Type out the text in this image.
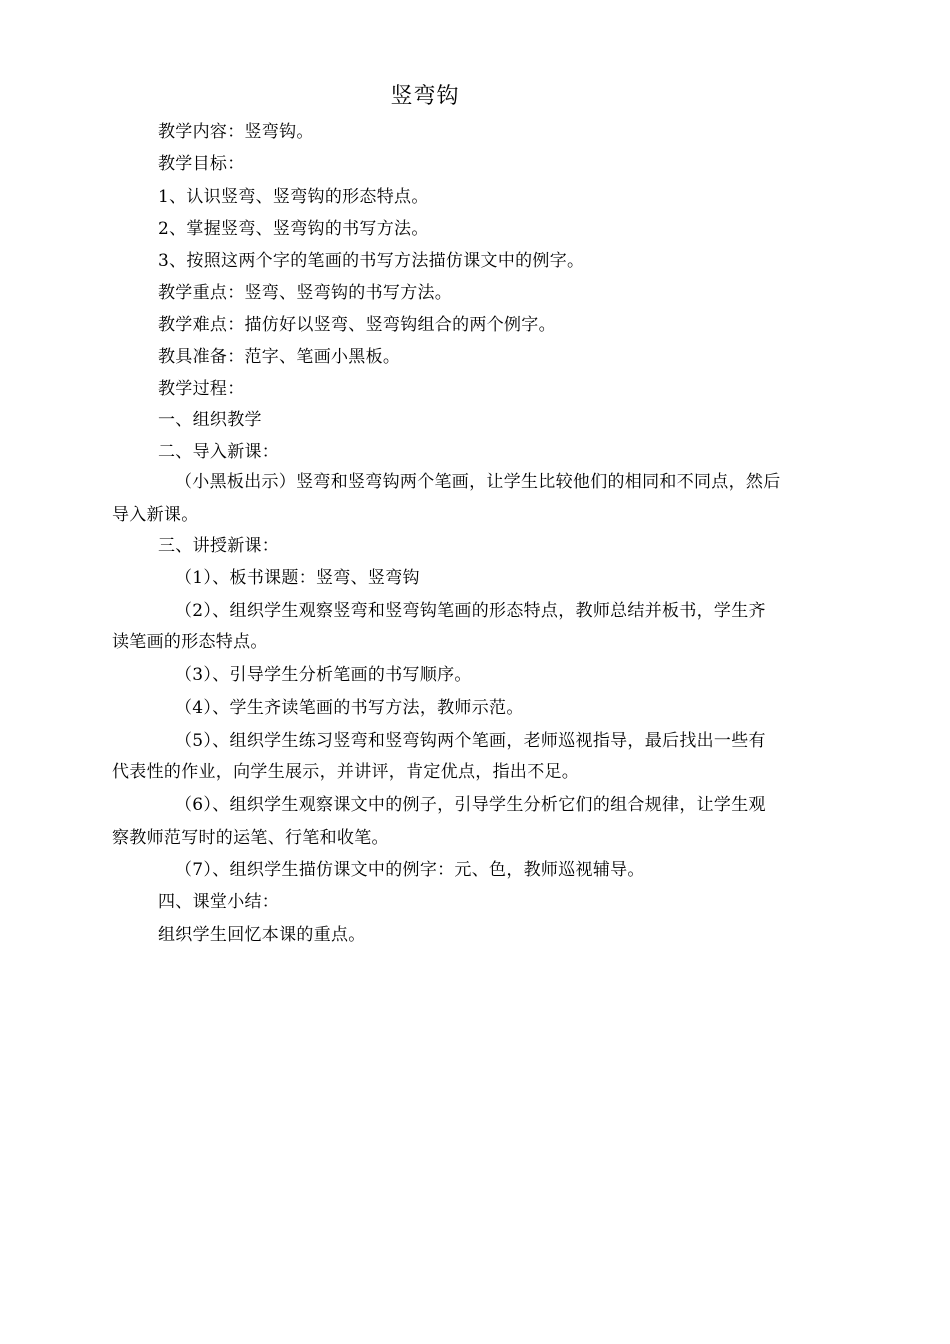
竖弯钩
教学内容：竖弯钩。
教学目标：
1、认识竖弯、竖弯钩的形态特点。
2、掌握竖弯、竖弯钩的书写方法。
3、按照这两个字的笔画的书写方法描仿课文中的例字。
教学重点：竖弯、竖弯钩的书写方法。
教学难点：描仿好以竖弯、竖弯钩组合的两个例字。
教具准备：范字、笔画小黑板。
教学过程：
一、组织教学
二、导入新课：
（小黑板出示）竖弯和竖弯钩两个笔画，让学生比较他们的相同和不同点，然后
导入新课。
三、讲授新课：
（1）、板书课题：竖弯、竖弯钩
（2）、组织学生观察竖弯和竖弯钩笔画的形态特点，教师总结并板书，学生齐
读笔画的形态特点。
（3）、引导学生分析笔画的书写顺序。
（4）、学生齐读笔画的书写方法，教师示范。
（5）、组织学生练习竖弯和竖弯钩两个笔画，老师巡视指导，最后找出一些有
代表性的作业，向学生展示，并讲评，肯定优点，指出不足。
（6）、组织学生观察课文中的例子，引导学生分析它们的组合规律，让学生观
察教师范写时的运笔、行笔和收笔。
（7）、组织学生描仿课文中的例字：元、色，教师巡视辅导。
四、课堂小结：
组织学生回忆本课的重点。
